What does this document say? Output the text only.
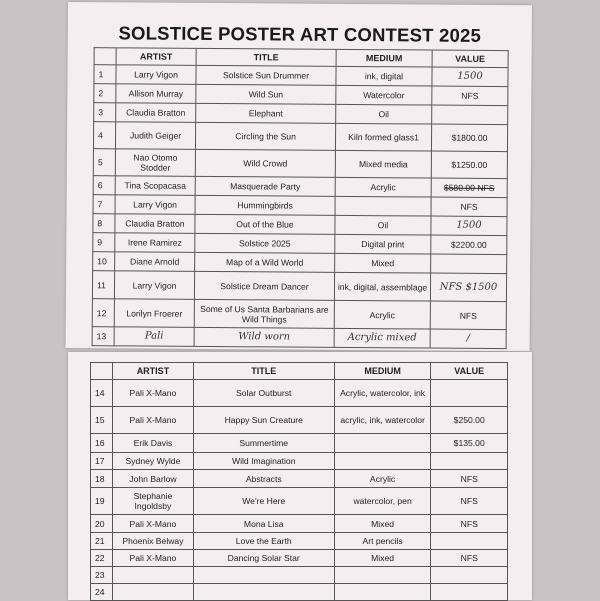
SOLSTICE POSTER ART CONTEST 2025
	ARTIST	TITLE	MEDIUM	VALUE
1	Larry Vigon	Solstice Sun Drummer	ink, digital	1500
2	Allison Murray	Wild Sun	Watercolor	NFS
3	Claudia Bratton	Elephant	Oil	
4	Judith Geiger	Circling the Sun	Kiln formed glass1	$1800.00
5	Nao Otomo Stodder	Wild Crowd	Mixed media	$1250.00
6	Tina Scopacasa	Masquerade Party	Acrylic	$580.00 NFS
7	Larry Vigon	Hummingbirds		NFS
8	Claudia Bratton	Out of the Blue	Oil	1500
9	Irene Ramirez	Solstice 2025	Digital print	$2200.00
10	Diane Arnold	Map of a Wild World	Mixed	
11	Larry Vigon	Solstice Dream Dancer	ink, digital, assemblage	NFS $1500
12	Lorilyn Froerer	Some of Us Santa Barbarians are Wild Things	Acrylic	NFS
13	Pali	Wild worn	Acrylic mixed	/
	ARTIST	TITLE	MEDIUM	VALUE
14	Pali X-Mano	Solar Outburst	Acrylic, watercolor, ink	
15	Pali X-Mano	Happy Sun Creature	acrylic, ink, watercolor	$250.00
16	Erik Davis	Summertime		$135.00
17	Sydney Wylde	Wild Imagination		
18	John Barlow	Abstracts	Acrylic	NFS
19	Stephanie Ingoldsby	We're Here	watercolor, pen	NFS
20	Pali X-Mano	Mona Lisa	Mixed	NFS
21	Phoenix Belway	Love the Earth	Art pencils	
22	Pali X-Mano	Dancing Solar Star	Mixed	NFS
23				
24				
